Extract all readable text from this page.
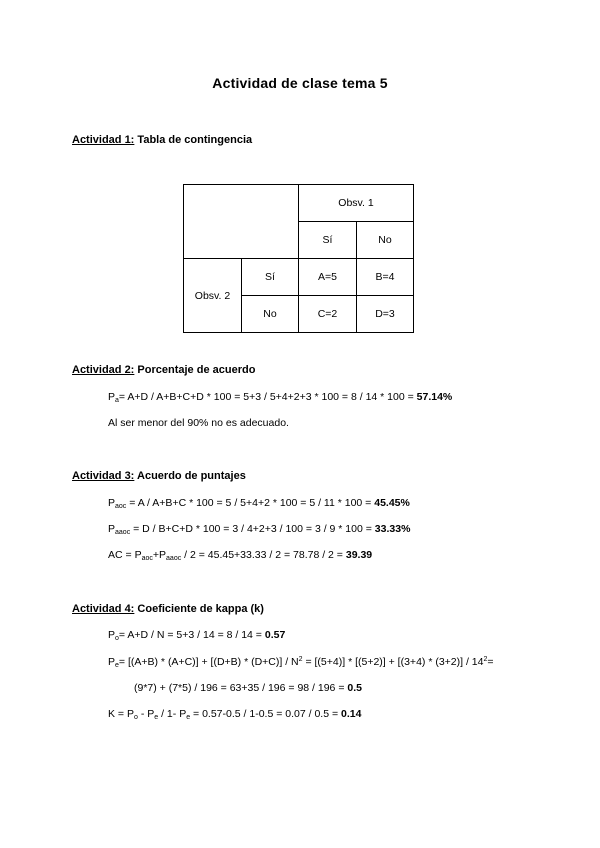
Actividad de clase tema 5
Actividad 1: Tabla de contingencia
		Obsv. 1	
		Sí	No
Obsv. 2	Sí	A=5	B=4
	No	C=2	D=3
Actividad 2: Porcentaje de acuerdo
$P_a= A+D / A+B+C+D * 100 = 5+3 / 5+4+2+3 * 100 = 8 / 14 * 100 = 57.14\%$
Al ser menor del 90% no es adecuado.
Actividad 3: Acuerdo de puntajes
$P_{aoc} = A / A+B+C * 100 = 5 / 5+4+2 * 100 = 5 / 11 * 100 = 45.45\%$
$P_{aaoc} = D / B+C+D * 100 = 3 / 4+2+3 / 100 = 3 / 9 * 100 = 33.33\%$
AC = $P_{aoc}+P_{aaoc} / 2 = 45.45+33.33 / 2 = 78.78 / 2 = 39.39$
Actividad 4: Coeficiente de kappa (k)
$P_o= A+D / N = 5+3 / 14 = 8 / 14 = 0.57$
$P_e= [(A+B) * (A+C)] + [(D+B) * (D+C)] / N^2 = [(5+4)] * [(5+2)] + [(3+4) * (3+2)] / 14^2=$
(9*7) + (7*5) / 196 = 63+35 / 196 = 98 / 196 = 0.5
$K = P_o - P_e / 1-$ $P_e = 0.57-0.5 / 1-0.5 = 0.07 / 0.5 = 0.14$
